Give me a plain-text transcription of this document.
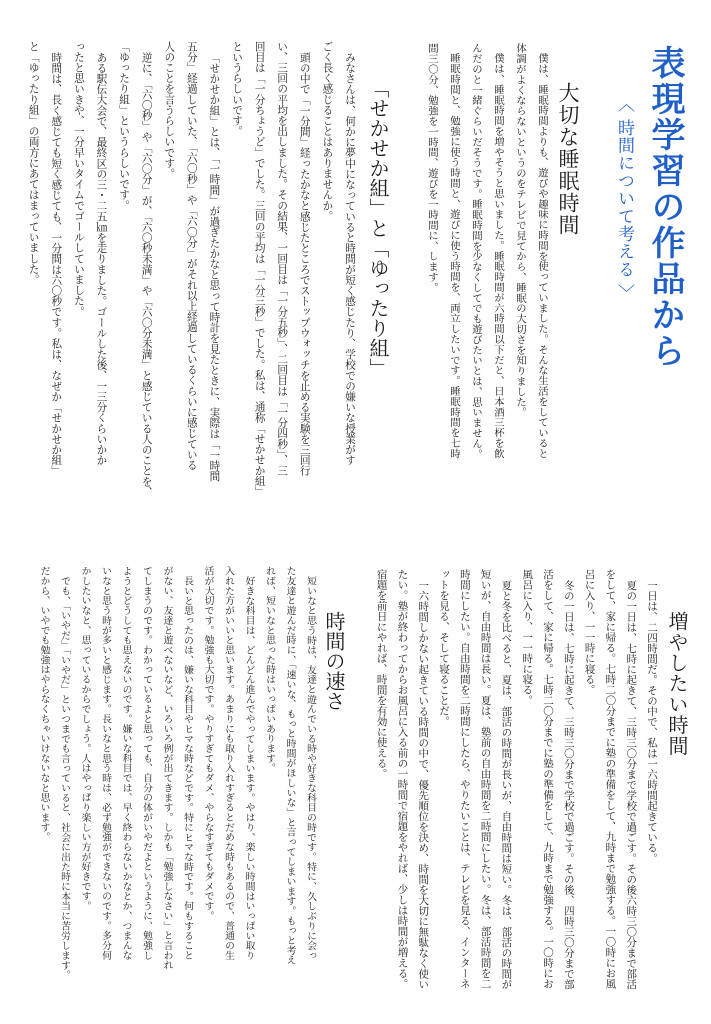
表現学習の作品から
〈 時間について考える 〉
大切な睡眠時間
僕は、睡眠時間よりも、遊びや趣味に時間を使っていました。そんな生活をしていると
体調がよくならないというのをテレビで見てから、睡眠の大切さを知りました。
僕は、睡眠時間を増やそうと思いました。睡眠時間が六時間以下だと、日本酒三杯を飲
んだのと一緒ぐらいだそうです。睡眠時間を少なくしてでも遊びたいとは、思いません。
睡眠時間と、勉強に使う時間と、遊びに使う時間を、両立したいです。睡眠時間を七時
間三〇分、勉強を一時間、遊びを一時間に、します。
「せかせか組」と「ゆったり組」
みなさんは、何かに夢中になっていると時間が短く感じたり、学校での嫌いな授業がす
ごく長く感じることはありませんか。
頭の中で「一分間」経ったかなと感じたところでストップウォッチを止める実験を三回行
い、三回の平均を出しました。その結果、一回目は「一分五秒」、二回目は「一分四秒」、三
回目は「一分ちょうど」でした。三回の平均は「一分三秒」でした。私は、通称「せかせか組」
というらしいです。
「せかせか組」とは、「一時間」が過ぎたかなと思って時計を見たときに、実際は「一時間
五分」経過していた、「六〇秒」や「六〇分」がそれ以上経過しているくらいに感じている
人のことを言うらしいです。
逆に、「六〇秒」や「六〇分」が、「六〇秒未満」や「六〇分未満」と感じている人のことを、
「ゆったり組」というらしいです。
ある駅伝大会で、最終区の三・二五㎞を走りました。ゴールした後、一三分くらいかか
ったと思いきや、一分早いタイムでゴールしていました。
時間は、長く感じても短く感じても、一分間は六〇秒です。私は、なぜか「せかせか組」
と「ゆったり組」の両方にあてはまっていました。
増やしたい時間
一日は、二四時間だ。その中で、私は一六時間起きている。
夏の一日は、七時に起きて、三時三〇分まで学校で過ごす。その後六時三〇分まで部活
をして、家に帰る。七時二〇分までに塾の準備をして、九時まで勉強する。一〇時にお風
呂に入り、一一時に寝る。
冬の一日は、七時に起きて、三時三〇分まで学校で過ごす。その後、四時三〇分まで部
活をして、家に帰る。七時二〇分までに塾の準備をして、九時まで勉強する。一〇時にお
風呂に入り、一一時に寝る。
夏と冬を比べると、夏は、部活の時間が長いが、自由時間は短い。冬は、部活の時間が
短いが、自由時間は長い。夏は、塾前の自由時間を二時間にしたい。冬は、部活時間を二
時間にしたい。自由時間を二時間にしたら、やりたいことは、テレビを見る、インターネ
ットを見る、そして寝ることだ。
一六時間しかない起きている時間の中で、優先順位を決め、時間を大切に無駄なく使い
たい。塾が終わってからお風呂に入る前の一時間で宿題をやれば、少しは時間が増える。
宿題を前日にやれば、時間を有効に使える。
時間の速さ
短いなと思う時は、友達と遊んでいる時や好きな科目の時です。特に、久しぶりに会っ
た友達と遊んだ時に、「速いな、もっと時間がほしいな」と言ってしまいます。もっと考え
れば、短いなと思った時はいっぱいあります。
好きな科目は、どんどん進んでやってしまいます。やはり、楽しい時間はいっぱい取り
入れた方がいいと思います。あまりにも取り入れすぎるとだめな時もあるので、普通の生
活が大切です。勉強も大切です。やりすぎてもダメ、やらなすぎてもダメです。
長いと思ったのは、嫌いな科目やヒマな時などです。特にヒマな時です。何もすること
がない、友達と遊べないなど、いろいろ例が出てきます。しかも「勉強しなさい」と言われ
てしまうのです。わかっているよと思っても、自分の体がいやだよというように、勉強し
ようとどうしても思えないのです。嫌いな科目では、早く終わらないかなとか、つまんな
いなと思う時が多いと感じます。長いなと思う時は、必ず勉強ができないのです。多分何
かしたいなと、思っているからでしょう。人はやっぱり楽しい方が好きです。
でも、「いやだ」「いやだ」といつまでも言っていると、社会に出た時に本当に苦労します。
だから、いやでも勉強はやらなくちゃいけないなと思います。
